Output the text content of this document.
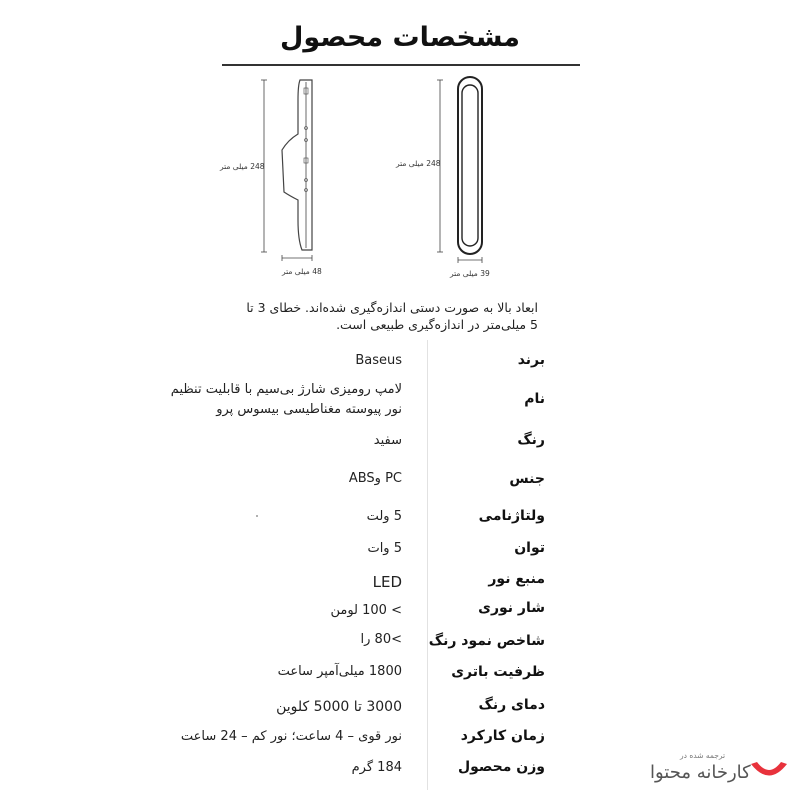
مشخصات محصول
248 میلی متر
48 میلی متر
248 میلی متر
39 میلی متر
ابعاد بالا به صورت دستی اندازه‌گیری شده‌اند. خطای 3 تا 5 میلی‌متر در اندازه‌گیری طبیعی است.
برند
Baseus
نام
لامپ رومیزی شارژ بی‌سیم با قابلیت تنظیم نور پیوسته مغناطیسی بیسوس پرو
رنگ
سفید
جنس
PC وABS
ولتاژنامی
5 ولت
توان
5 وات
منبع نور
LED
شار نوری
> 100 لومن
شاخص نمود رنگ
>80 را
ظرفیت باتری
1800 میلی‌آمپر ساعت
دمای رنگ
3000 تا 5000 کلوین
زمان کارکرد
نور قوی – 4 ساعت؛ نور کم – 24 ساعت
وزن محصول
184 گرم
ترجمه شده در
کارخانه محتوا
